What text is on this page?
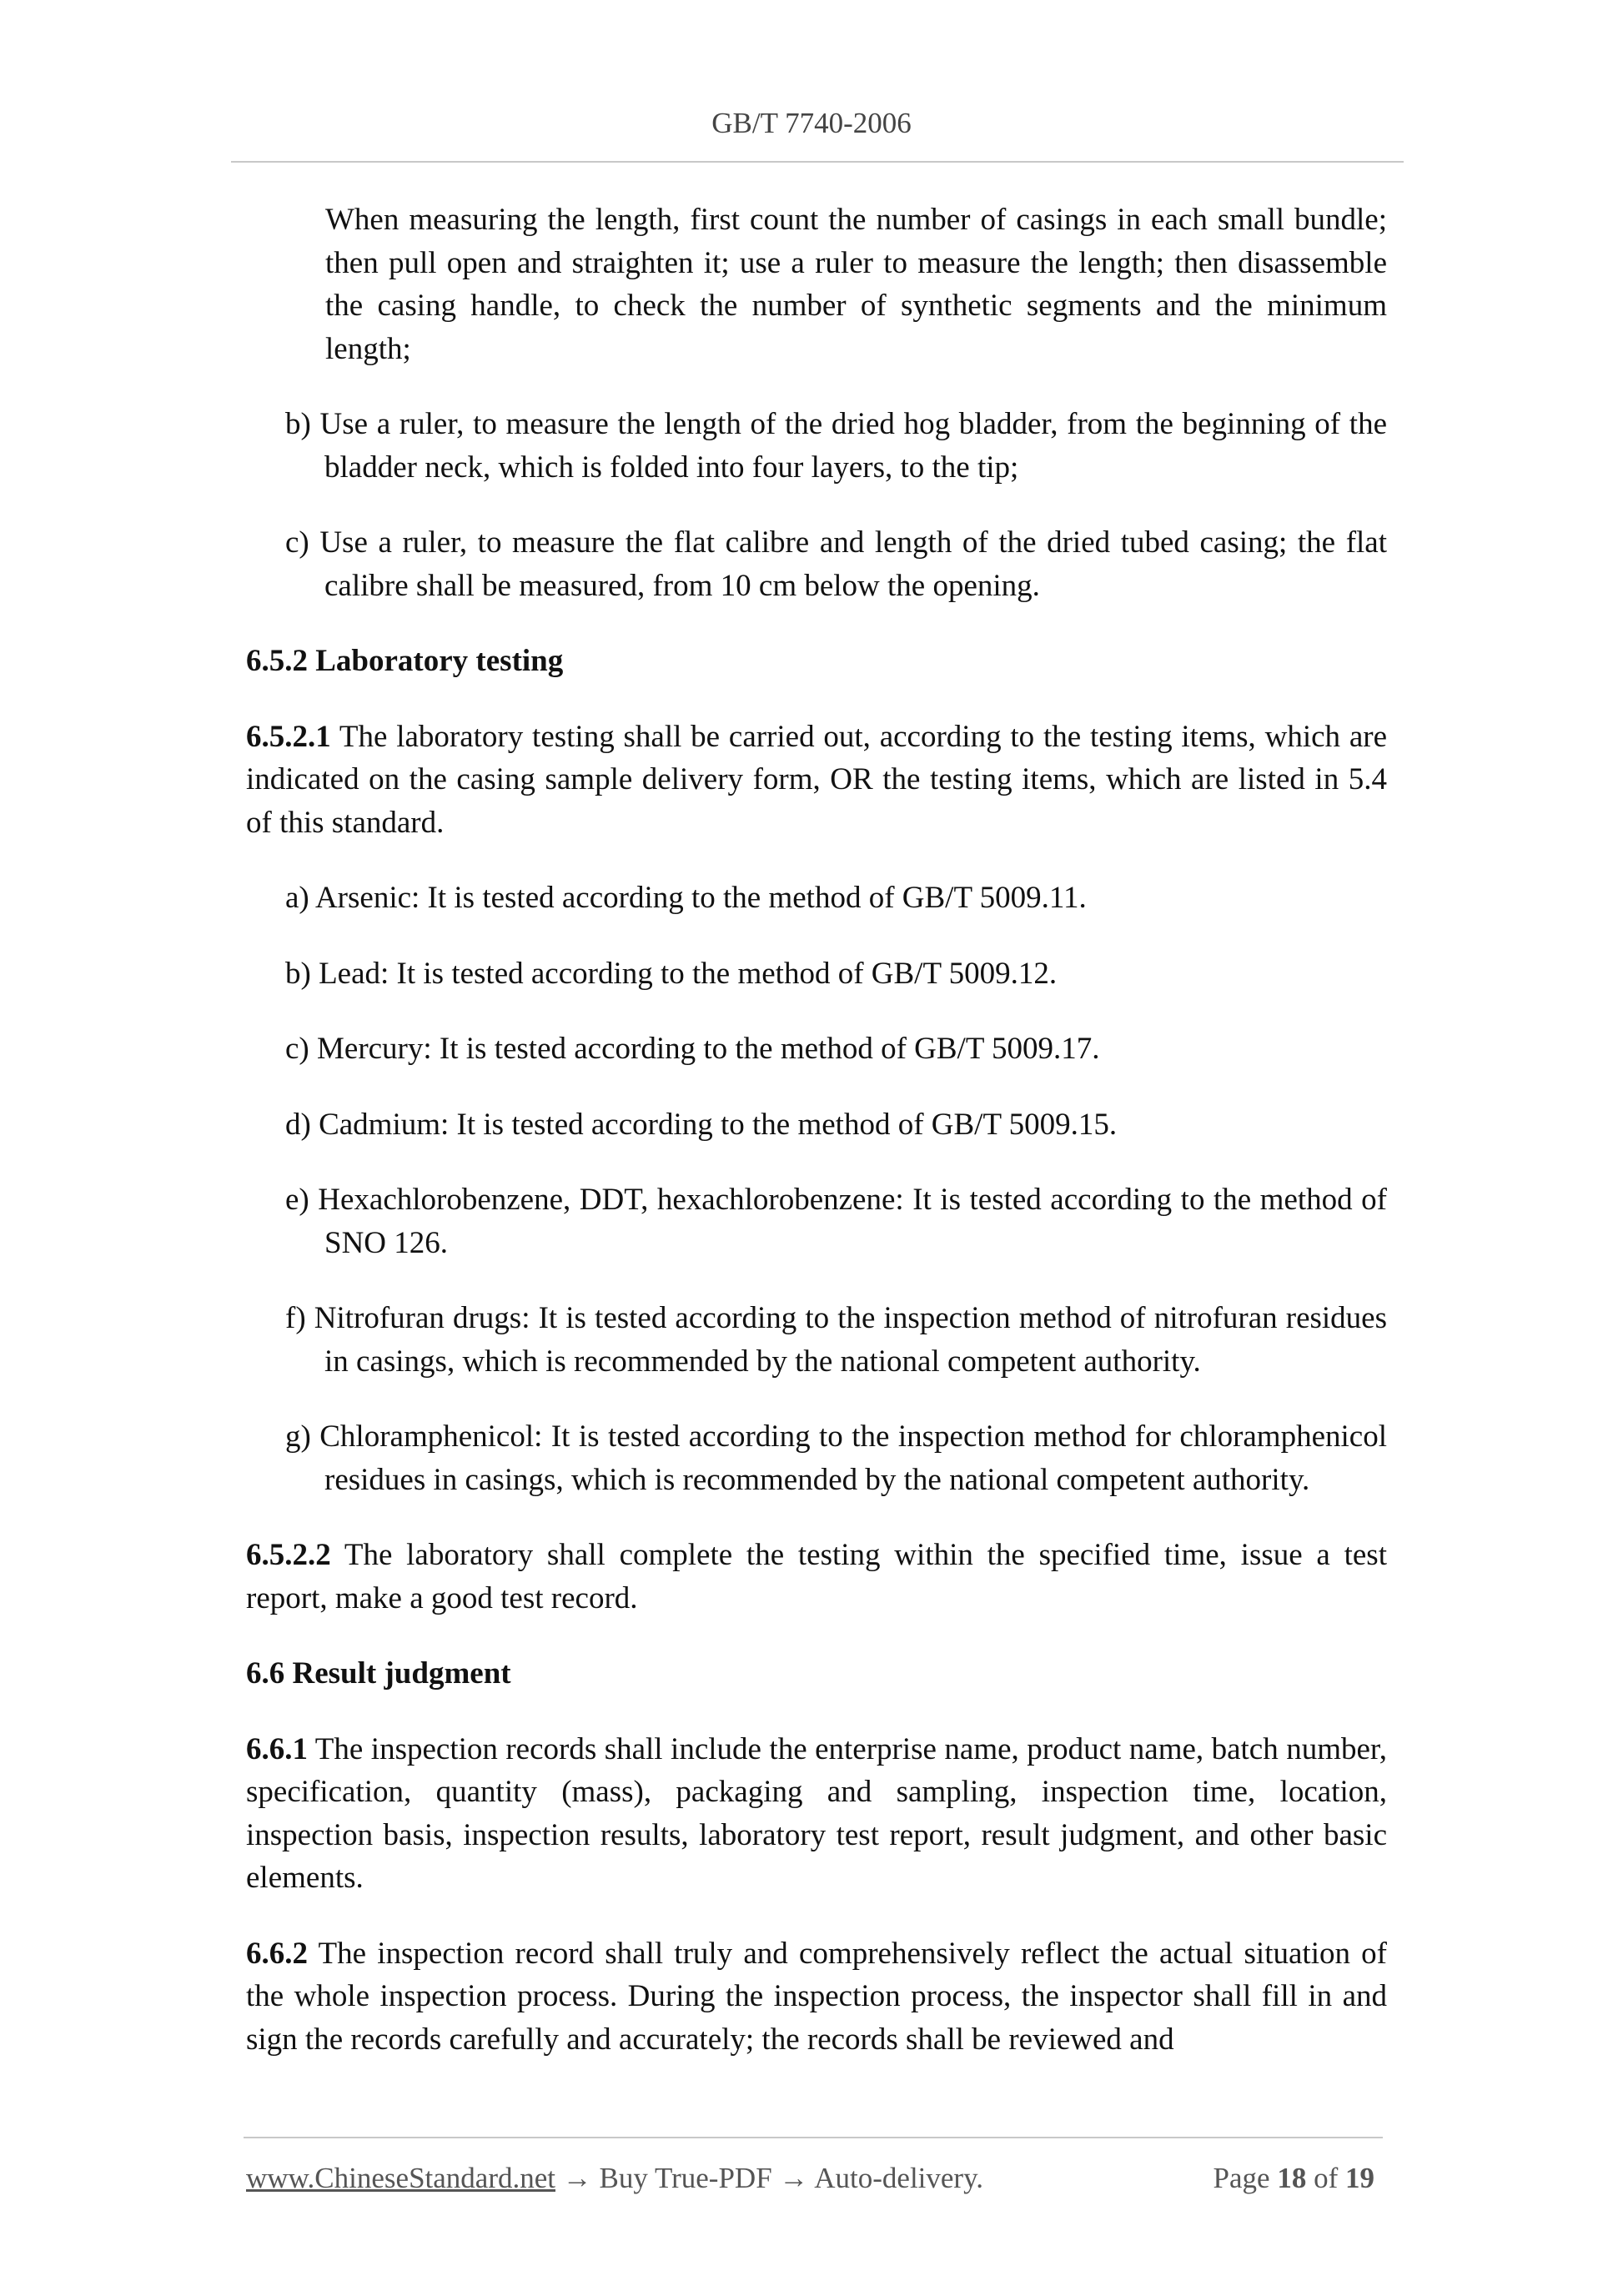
GB/T 7740-2006

When measuring the length, first count the number of casings in each small bundle; then pull open and straighten it; use a ruler to measure the length; then disassemble the casing handle, to check the number of synthetic segments and the minimum length;

b) Use a ruler, to measure the length of the dried hog bladder, from the beginning of the bladder neck, which is folded into four layers, to the tip;

c) Use a ruler, to measure the flat calibre and length of the dried tubed casing; the flat calibre shall be measured, from 10 cm below the opening.

6.5.2 Laboratory testing

6.5.2.1 The laboratory testing shall be carried out, according to the testing items, which are indicated on the casing sample delivery form, OR the testing items, which are listed in 5.4 of this standard.

a) Arsenic: It is tested according to the method of GB/T 5009.11.

b) Lead: It is tested according to the method of GB/T 5009.12.

c) Mercury: It is tested according to the method of GB/T 5009.17.

d) Cadmium: It is tested according to the method of GB/T 5009.15.

e) Hexachlorobenzene, DDT, hexachlorobenzene: It is tested according to the method of SNO 126.

f) Nitrofuran drugs: It is tested according to the inspection method of nitrofuran residues in casings, which is recommended by the national competent authority.

g) Chloramphenicol: It is tested according to the inspection method for chloramphenicol residues in casings, which is recommended by the national competent authority.

6.5.2.2 The laboratory shall complete the testing within the specified time, issue a test report, make a good test record.

6.6 Result judgment

6.6.1 The inspection records shall include the enterprise name, product name, batch number, specification, quantity (mass), packaging and sampling, inspection time, location, inspection basis, inspection results, laboratory test report, result judgment, and other basic elements.

6.6.2 The inspection record shall truly and comprehensively reflect the actual situation of the whole inspection process. During the inspection process, the inspector shall fill in and sign the records carefully and accurately; the records shall be reviewed and

www.ChineseStandard.net → Buy True-PDF → Auto-delivery.	Page 18 of 19
